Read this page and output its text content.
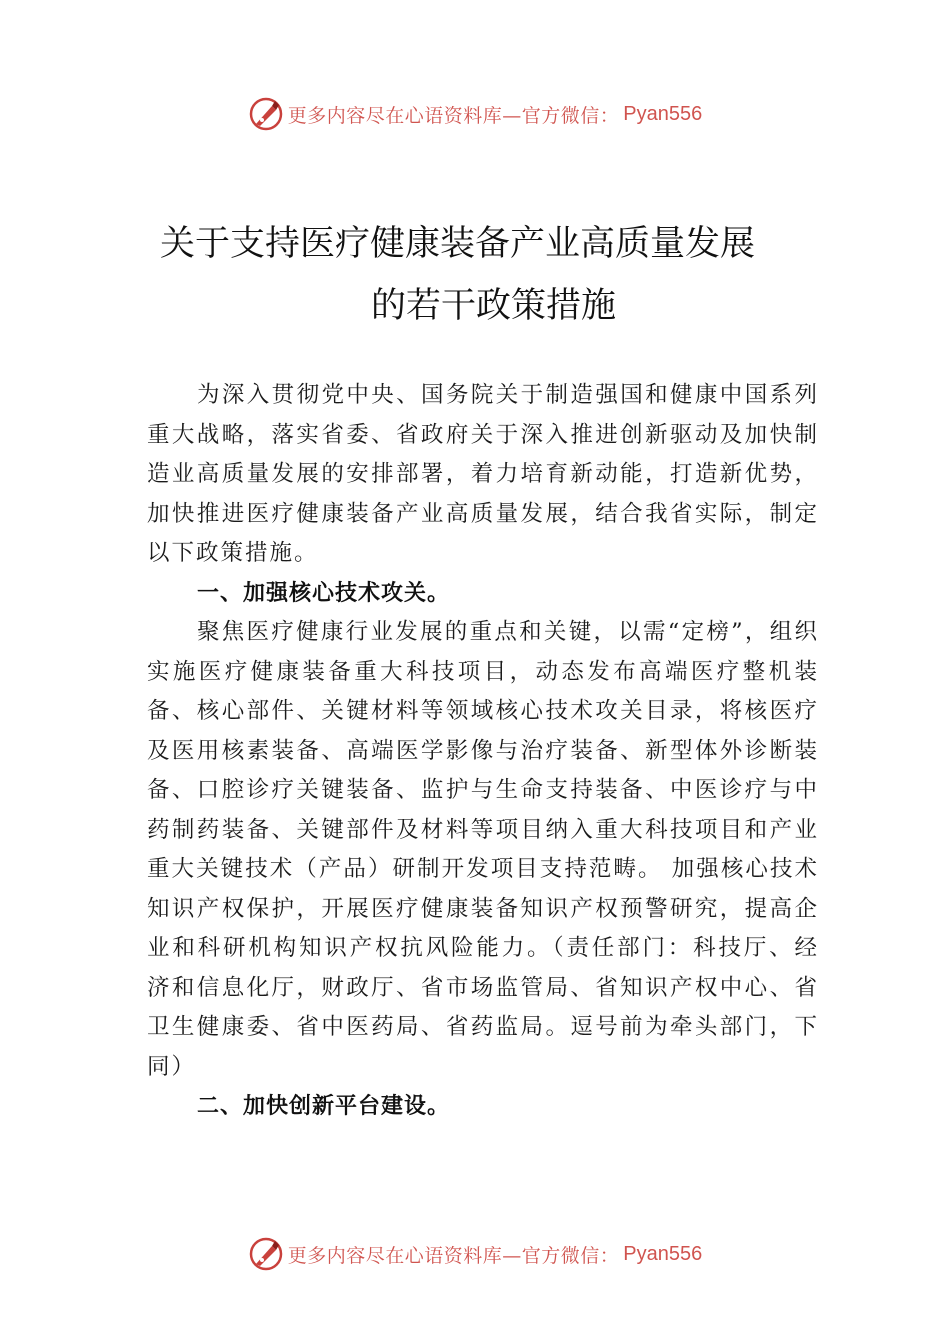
更多内容尽在心语资料库—官方微信： Pyan556
关于支持医疗健康装备产业高质量发展
的若干政策措施

为深入贯彻党中央、国务院关于制造强国和健康中国系列重大战略，落实省委、省政府关于深入推进创新驱动及加快制造业高质量发展的安排部署，着力培育新动能，打造新优势，加快推进医疗健康装备产业高质量发展，结合我省实际，制定以下政策措施。

一、加强核心技术攻关。

聚焦医疗健康行业发展的重点和关键，以需“定榜”，组织实施医疗健康装备重大科技项目，动态发布高端医疗整机装备、核心部件、关键材料等领域核心技术攻关目录，将核医疗及医用核素装备、高端医学影像与治疗装备、新型体外诊断装备、口腔诊疗关键装备、监护与生命支持装备、中医诊疗与中药制药装备、关键部件及材料等项目纳入重大科技项目和产业重大关键技术（产品）研制开发项目支持范畴。 加强核心技术知识产权保护，开展医疗健康装备知识产权预警研究，提高企业和科研机构知识产权抗风险能力。（责任部门：科技厅、经济和信息化厅，财政厅、省市场监管局、省知识产权中心、省卫生健康委、省中医药局、省药监局。逗号前为牵头部门，下同）

二、加快创新平台建设。

更多内容尽在心语资料库—官方微信： Pyan556
